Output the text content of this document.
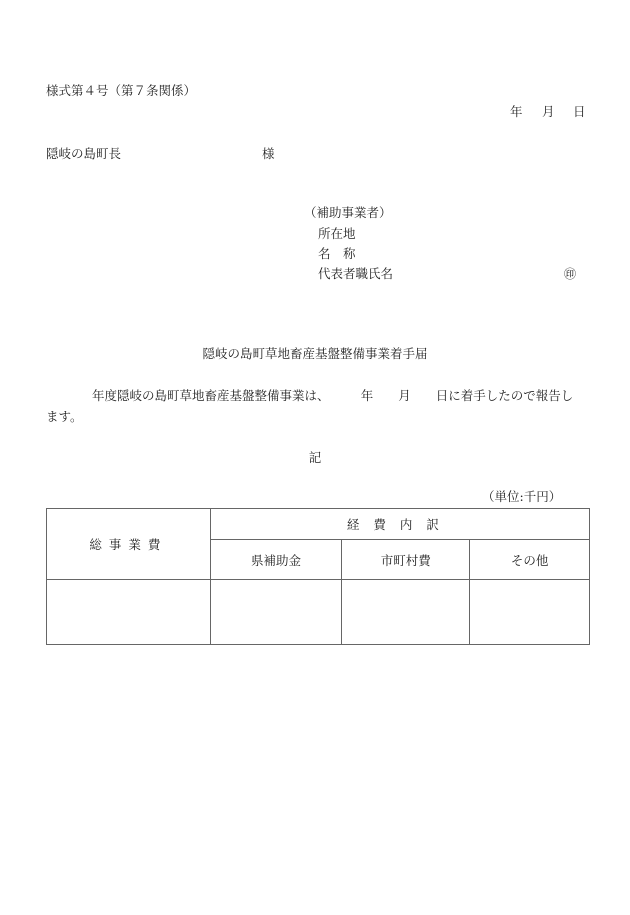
様式第４号（第７条関係）
年 月 日
隠岐の島町長	様
（補助事業者）
所在地
名　称
代表者職氏名	㊞
隠岐の島町草地畜産基盤整備事業着手届
年度隠岐の島町草地畜産基盤整備事業は、　　　年　　月　　日に着手したので報告し
ます。
記
（単位:千円）
総事業費	経費内訳		
	県補助金	市町村費	その他
